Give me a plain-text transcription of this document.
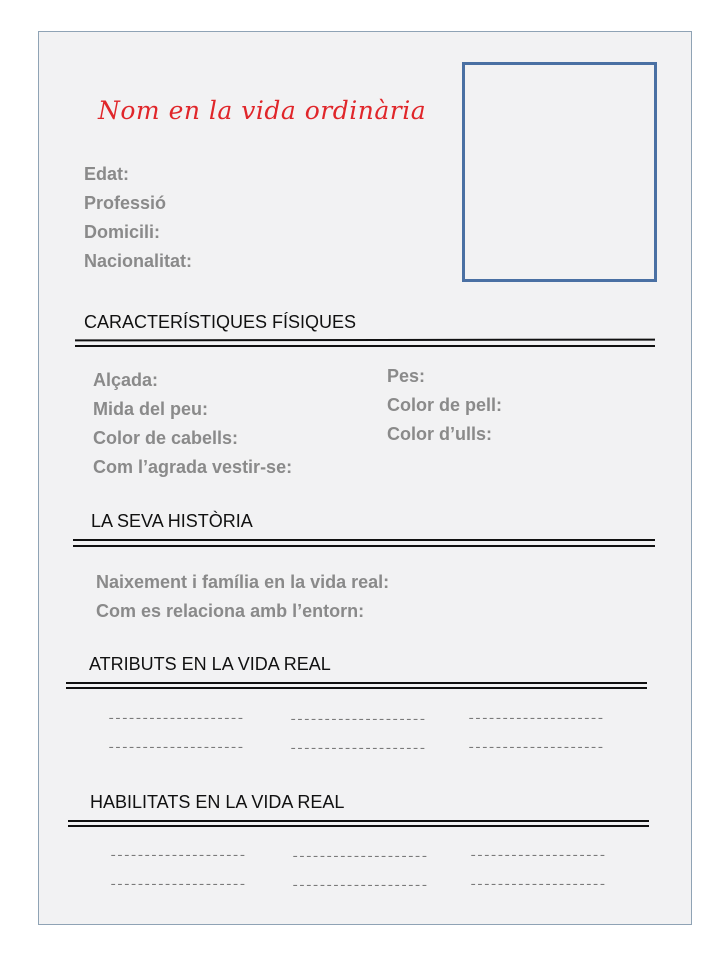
Nom en la vida ordinària
Edat:
Professió
Domicili:
Nacionalitat:
CARACTERÍSTIQUES FÍSIQUES
Alçada:
Mida del peu:
Color de cabells:
Com l’agrada vestir-se:
Pes:
Color de pell:
Color d’ulls:
LA SEVA HISTÒRIA
Naixement i família en la vida real:
Com es relaciona amb l’entorn:
ATRIBUTS EN LA VIDA REAL
--------------------	--------------------	--------------------
--------------------	--------------------	--------------------
HABILITATS EN LA VIDA REAL
--------------------	--------------------	--------------------
--------------------	--------------------	--------------------
